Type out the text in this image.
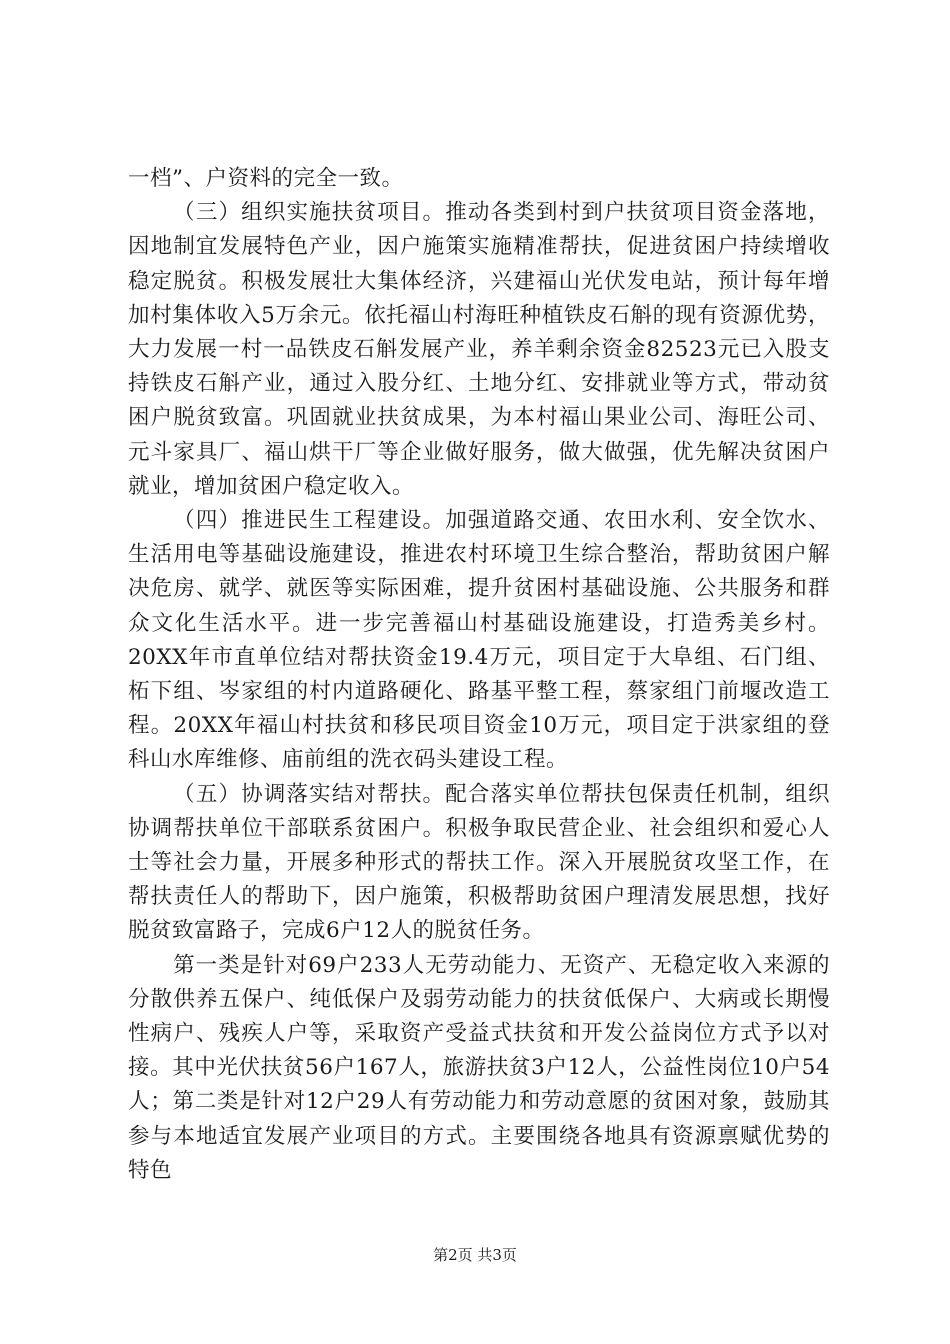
一档”、户资料的完全一致。

（三）组织实施扶贫项目。推动各类到村到户扶贫项目资金落地，因地制宜发展特色产业，因户施策实施精准帮扶，促进贫困户持续增收稳定脱贫。积极发展壮大集体经济，兴建福山光伏发电站，预计每年增加村集体收入5万余元。依托福山村海旺种植铁皮石斛的现有资源优势，大力发展一村一品铁皮石斛发展产业，养羊剩余资金82523元已入股支持铁皮石斛产业，通过入股分红、土地分红、安排就业等方式，带动贫困户脱贫致富。巩固就业扶贫成果，为本村福山果业公司、海旺公司、元斗家具厂、福山烘干厂等企业做好服务，做大做强，优先解决贫困户就业，增加贫困户稳定收入。

（四）推进民生工程建设。加强道路交通、农田水利、安全饮水、生活用电等基础设施建设，推进农村环境卫生综合整治，帮助贫困户解决危房、就学、就医等实际困难，提升贫困村基础设施、公共服务和群众文化生活水平。进一步完善福山村基础设施建设，打造秀美乡村。20XX年市直单位结对帮扶资金19.4万元，项目定于大阜组、石门组、柘下组、岑家组的村内道路硬化、路基平整工程，蔡家组门前堰改造工程。20XX年福山村扶贫和移民项目资金10万元，项目定于洪家组的登科山水库维修、庙前组的洗衣码头建设工程。

（五）协调落实结对帮扶。配合落实单位帮扶包保责任机制，组织协调帮扶单位干部联系贫困户。积极争取民营企业、社会组织和爱心人士等社会力量，开展多种形式的帮扶工作。深入开展脱贫攻坚工作，在帮扶责任人的帮助下，因户施策，积极帮助贫困户理清发展思想，找好脱贫致富路子，完成6户12人的脱贫任务。

第一类是针对69户233人无劳动能力、无资产、无稳定收入来源的分散供养五保户、纯低保户及弱劳动能力的扶贫低保户、大病或长期慢性病户、残疾人户等，采取资产受益式扶贫和开发公益岗位方式予以对接。其中光伏扶贫56户167人，旅游扶贫3户12人，公益性岗位10户54人；第二类是针对12户29人有劳动能力和劳动意愿的贫困对象，鼓励其参与本地适宜发展产业项目的方式。主要围绕各地具有资源禀赋优势的特色

第2页 共3页
